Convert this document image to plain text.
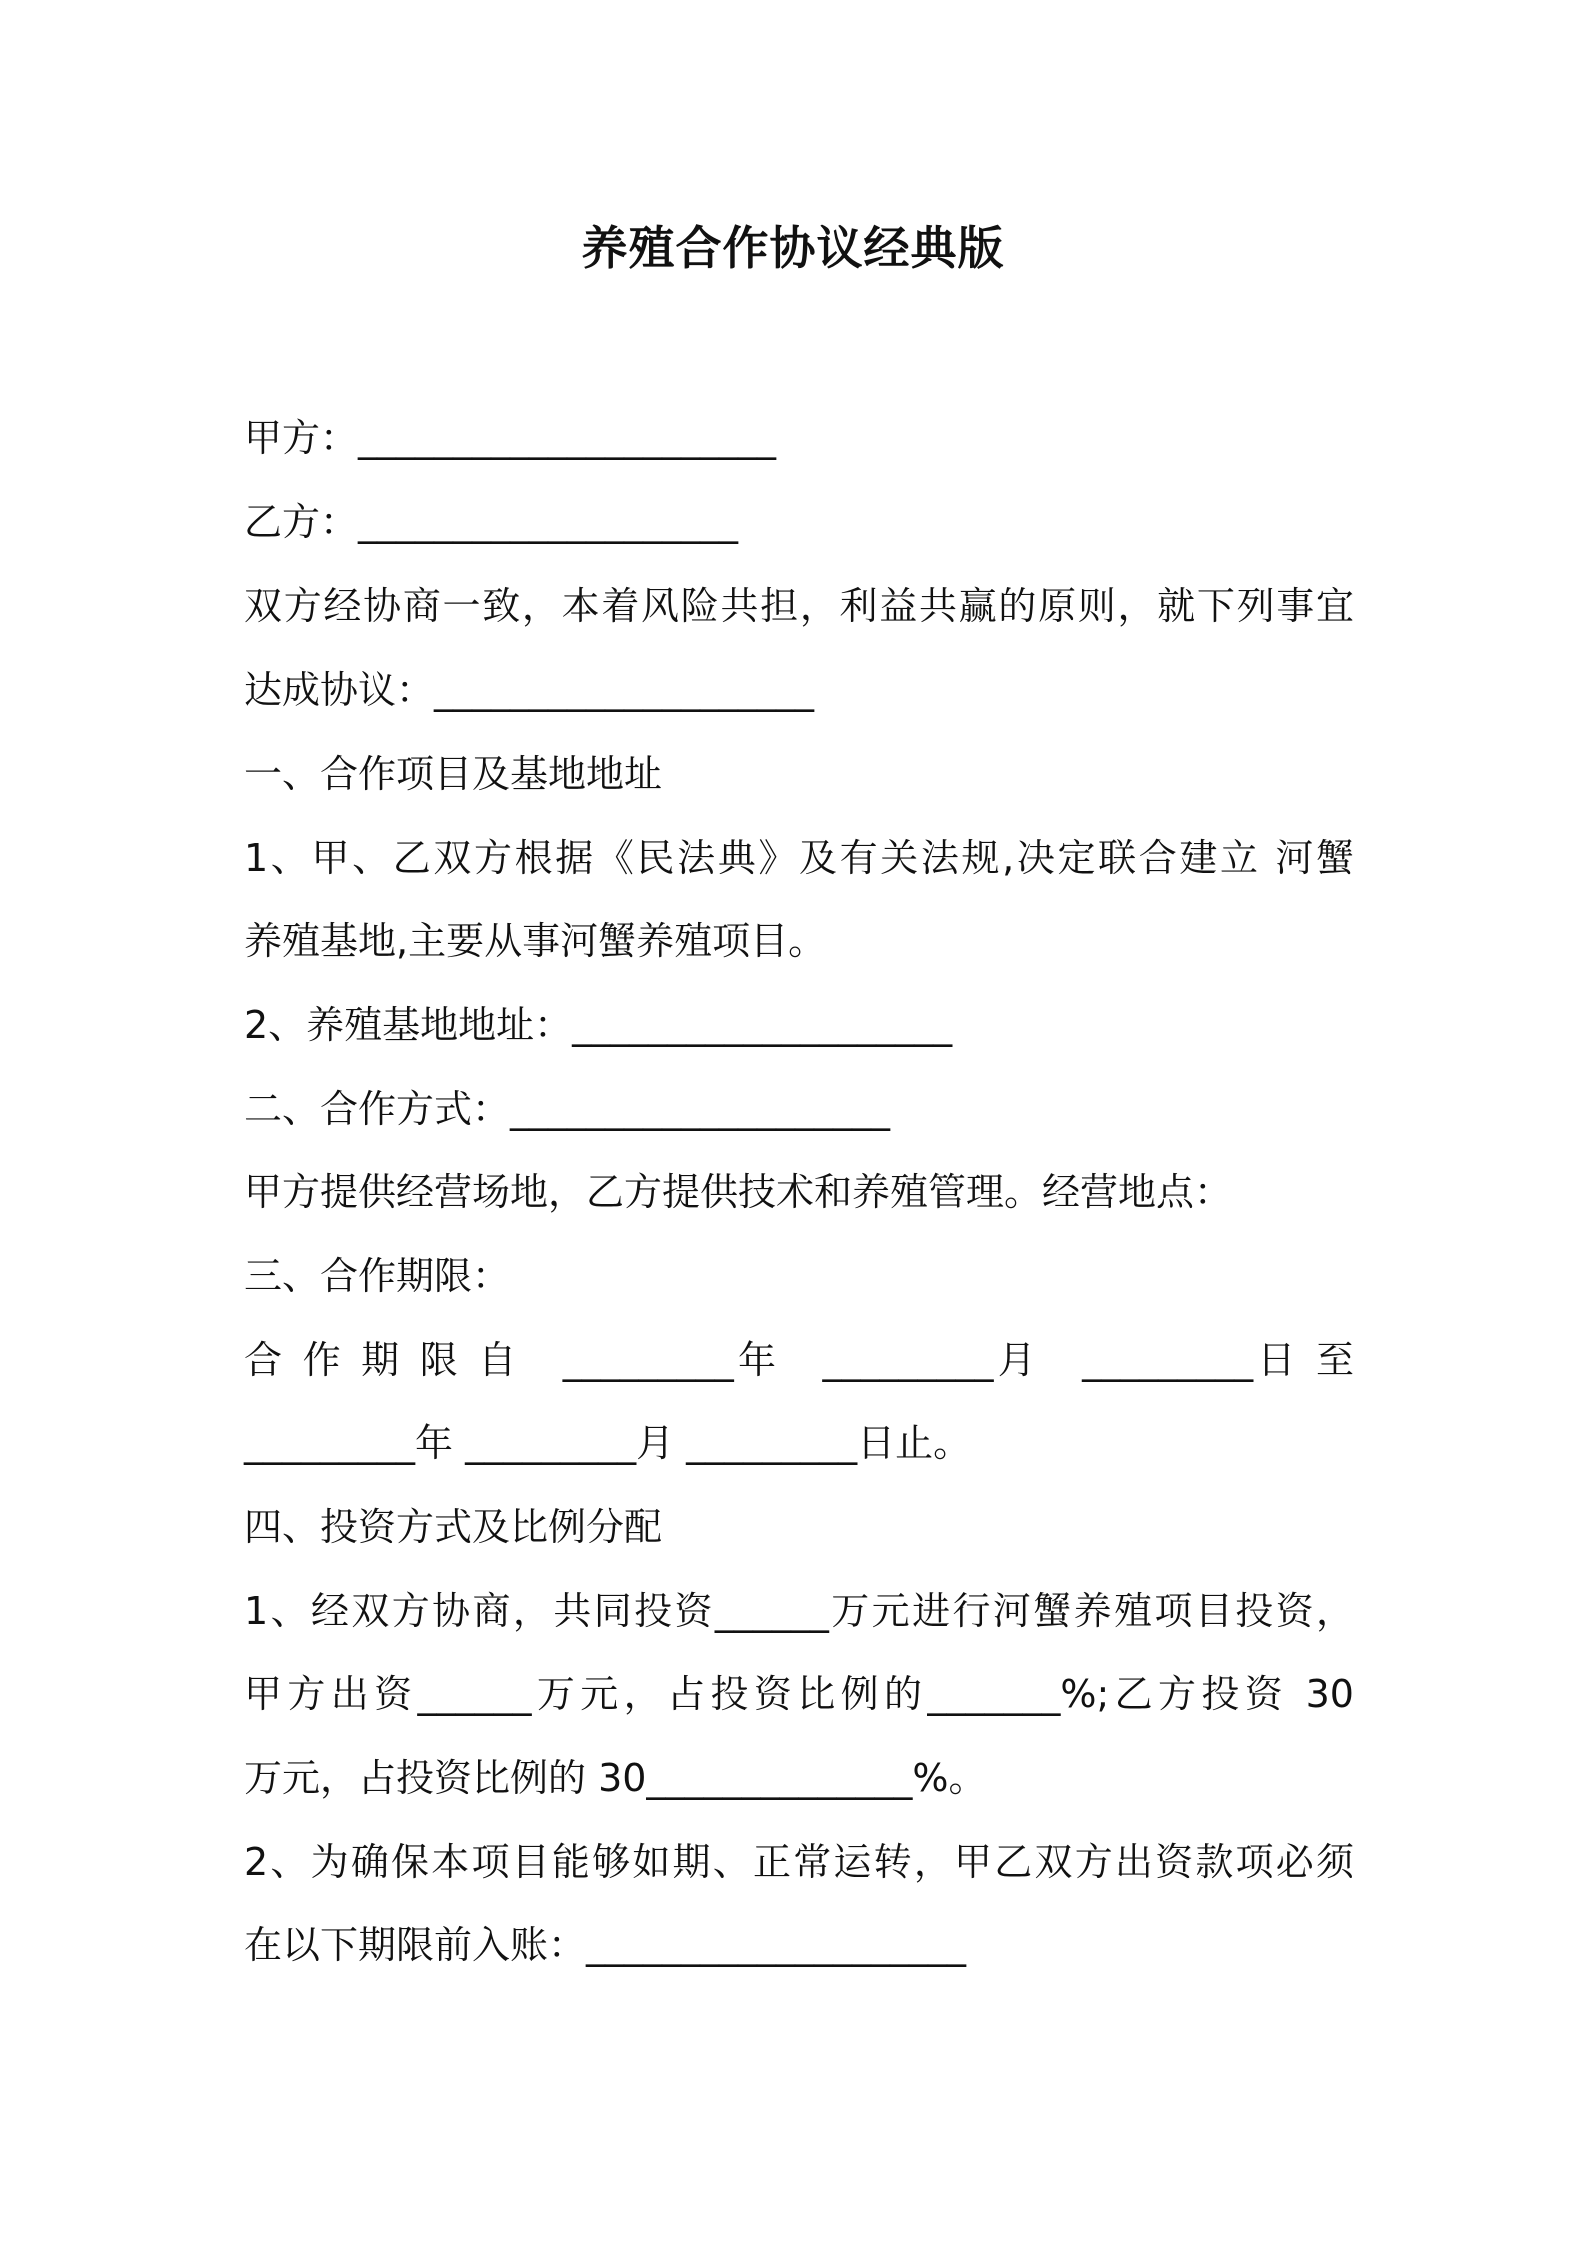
养殖合作协议经典版
甲方：______________________
乙方：____________________
双方经协商一致，本着风险共担，利益共赢的原则，就下列事宜
达成协议：____________________
一、合作项目及基地地址
1、甲、乙双方根据《民法典》及有关法规,决定联合建立 河蟹
养殖基地,主要从事河蟹养殖项目。
2、养殖基地地址：____________________
二、合作方式：____________________
甲方提供经营场地，乙方提供技术和养殖管理。经营地点：
三、合作期限：
合 作 期 限 自　_________年　_________月　_________日 至
_________年 _________月 _________日止。
四、投资方式及比例分配
1、经双方协商，共同投资______万元进行河蟹养殖项目投资，
甲方出资______万元，占投资比例的_______%;乙方投资 30
万元，占投资比例的 30______________%。
2、为确保本项目能够如期、正常运转，甲乙双方出资款项必须
在以下期限前入账：____________________
